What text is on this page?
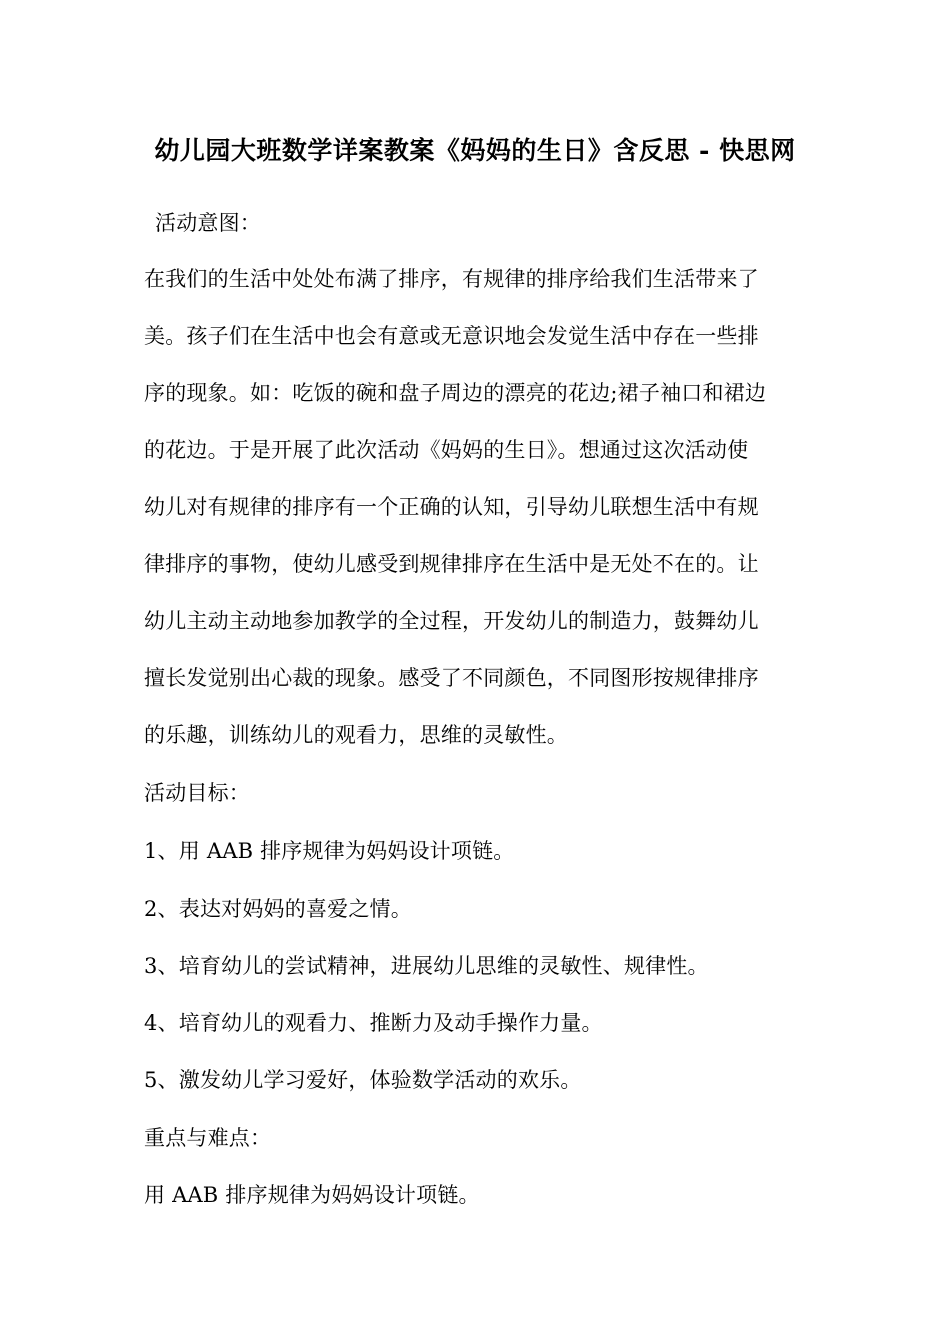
幼儿园大班数学详案教案《妈妈的生日》含反思 - 快思网
活动意图：
在我们的生活中处处布满了排序，有规律的排序给我们生活带来了
美。孩子们在生活中也会有意或无意识地会发觉生活中存在一些排
序的现象。如：吃饭的碗和盘子周边的漂亮的花边;裙子袖口和裙边
的花边。于是开展了此次活动《妈妈的生日》。想通过这次活动使
幼儿对有规律的排序有一个正确的认知，引导幼儿联想生活中有规
律排序的事物，使幼儿感受到规律排序在生活中是无处不在的。让
幼儿主动主动地参加教学的全过程，开发幼儿的制造力，鼓舞幼儿
擅长发觉别出心裁的现象。感受了不同颜色，不同图形按规律排序
的乐趣，训练幼儿的观看力，思维的灵敏性。
活动目标：
1、用 AAB 排序规律为妈妈设计项链。
2、表达对妈妈的喜爱之情。
3、培育幼儿的尝试精神，进展幼儿思维的灵敏性、规律性。
4、培育幼儿的观看力、推断力及动手操作力量。
5、激发幼儿学习爱好，体验数学活动的欢乐。
重点与难点：
用 AAB 排序规律为妈妈设计项链。
